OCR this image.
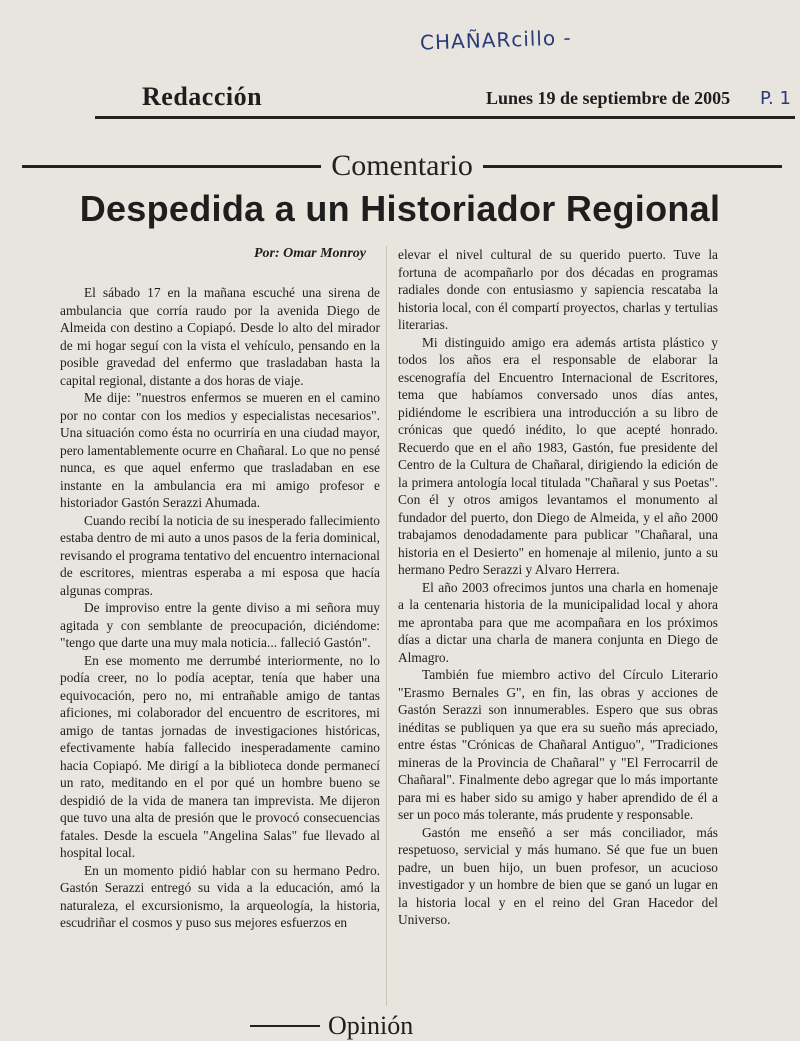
CHAÑARcillo -
P. 1
Redacción	Lunes 19 de septiembre de 2005
Comentario
Despedida a un Historiador Regional
Por: Omar Monroy

El sábado 17 en la mañana escuché una sirena de ambulancia que corría raudo por la avenida Diego de Almeida con destino a Copiapó. Desde lo alto del mirador de mi hogar seguí con la vista el vehículo, pensando en la posible gravedad del enfermo que trasladaban hasta la capital regional, distante a dos horas de viaje.

Me dije: "nuestros enfermos se mueren en el camino por no contar con los medios y especialistas necesarios". Una situación como ésta no ocurriría en una ciudad mayor, pero lamentablemente ocurre en Chañaral. Lo que no pensé nunca, es que aquel enfermo que trasladaban en ese instante en la ambulancia era mi amigo profesor e historiador Gastón Serazzi Ahumada.

Cuando recibí la noticia de su inesperado fallecimiento estaba dentro de mi auto a unos pasos de la feria dominical, revisando el programa tentativo del encuentro internacional de escritores, mientras esperaba a mi esposa que hacía algunas compras.

De improviso entre la gente diviso a mi señora muy agitada y con semblante de preocupación, diciéndome: "tengo que darte una muy mala noticia... falleció Gastón".

En ese momento me derrumbé interiormente, no lo podía creer, no lo podía aceptar, tenía que haber una equivocación, pero no, mi entrañable amigo de tantas aficiones, mi colaborador del encuentro de escritores, mi amigo de tantas jornadas de investigaciones históricas, efectivamente había fallecido inesperadamente camino hacia Copiapó. Me dirigí a la biblioteca donde permanecí un rato, meditando en el por qué un hombre bueno se despidió de la vida de manera tan imprevista. Me dijeron que tuvo una alta de presión que le provocó consecuencias fatales. Desde la escuela "Angelina Salas" fue llevado al hospital local.

En un momento pidió hablar con su hermano Pedro. Gastón Serazzi entregó su vida a la educación, amó la naturaleza, el excursionismo, la arqueología, la historia, escudriñar el cosmos y puso sus mejores esfuerzos en

elevar el nivel cultural de su querido puerto. Tuve la fortuna de acompañarlo por dos décadas en programas radiales donde con entusiasmo y sapiencia rescataba la historia local, con él compartí proyectos, charlas y tertulias literarias.

Mi distinguido amigo era además artista plástico y todos los años era el responsable de elaborar la escenografía del Encuentro Internacional de Escritores, tema que habíamos conversado unos días antes, pidiéndome le escribiera una introducción a su libro de crónicas que quedó inédito, lo que acepté honrado. Recuerdo que en el año 1983, Gastón, fue presidente del Centro de la Cultura de Chañaral, dirigiendo la edición de la primera antología local titulada "Chañaral y sus Poetas". Con él y otros amigos levantamos el monumento al fundador del puerto, don Diego de Almeida, y el año 2000 trabajamos denodadamente para publicar "Chañaral, una historia en el Desierto" en homenaje al milenio, junto a su hermano Pedro Serazzi y Alvaro Herrera.

El año 2003 ofrecimos juntos una charla en homenaje a la centenaria historia de la municipalidad local y ahora me aprontaba para que me acompañara en los próximos días a dictar una charla de manera conjunta en Diego de Almagro.

También fue miembro activo del Círculo Literario "Erasmo Bernales G", en fin, las obras y acciones de Gastón Serazzi son innumerables. Espero que sus obras inéditas se publiquen ya que era su sueño más apreciado, entre éstas "Crónicas de Chañaral Antiguo", "Tradiciones mineras de la Provincia de Chañaral" y "El Ferrocarril de Chañaral". Finalmente debo agregar que lo más importante para mi es haber sido su amigo y haber aprendido de él a ser un poco más tolerante, más prudente y responsable.

Gastón me enseñó a ser más conciliador, más respetuoso, servicial y más humano. Sé que fue un buen padre, un buen hijo, un buen profesor, un acucioso investigador y un hombre de bien que se ganó un lugar en la historia local y en el reino del Gran Hacedor del Universo.

Opinión
